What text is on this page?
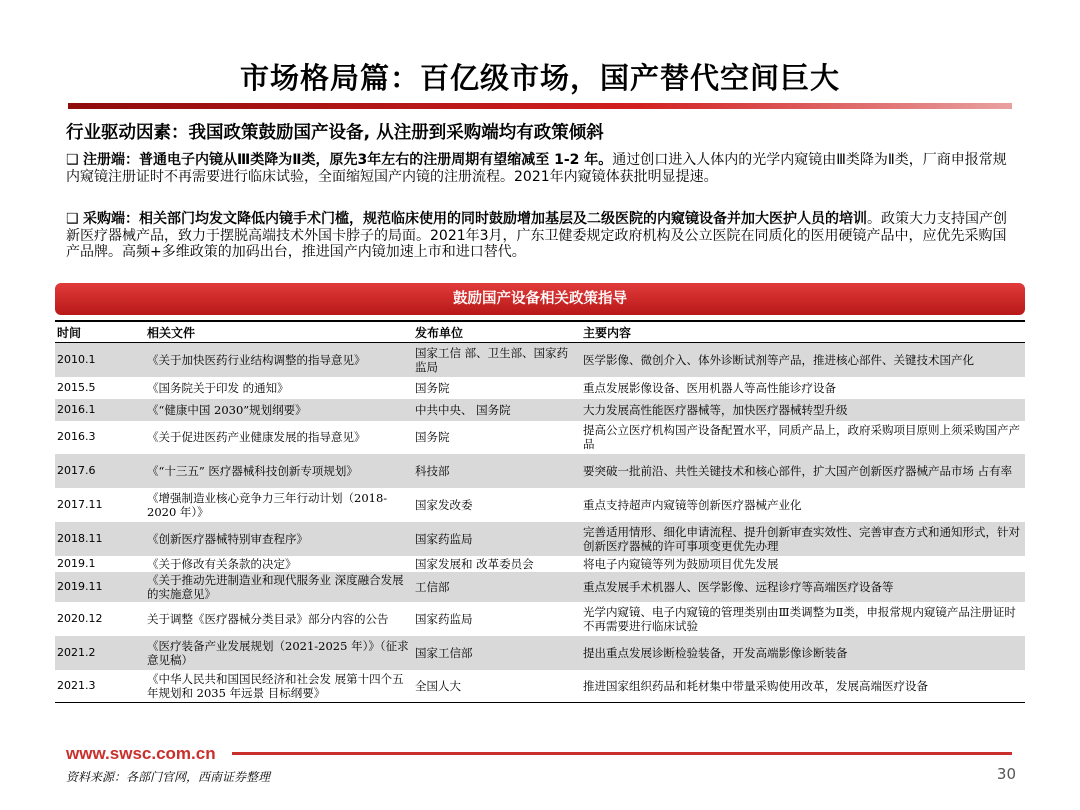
市场格局篇：百亿级市场，国产替代空间巨大
行业驱动因素：我国政策鼓励国产设备, 从注册到采购端均有政策倾斜
❑ 注册端：普通电子内镜从Ⅲ类降为Ⅱ类，原先3年左右的注册周期有望缩减至 1-2 年。通过创口进入人体内的光学内窥镜由Ⅲ类降为Ⅱ类，厂商申报常规内窥镜注册证时不再需要进行临床试验，全面缩短国产内镜的注册流程。2021年内窥镜体获批明显提速。
❑ 采购端：相关部门均发文降低内镜手术门槛，规范临床使用的同时鼓励增加基层及二级医院的内窥镜设备并加大医护人员的培训。政策大力支持国产创新医疗器械产品，致力于摆脱高端技术外国卡脖子的局面。2021年3月，广东卫健委规定政府机构及公立医院在同质化的医用硬镜产品中，应优先采购国产品牌。高频+多维政策的加码出台，推进国产内镜加速上市和进口替代。
鼓励国产设备相关政策指导
时间	相关文件	发布单位	主要内容
2010.1	《关于加快医药行业结构调整的指导意见》	国家工信 部、卫生部、国家药监局	医学影像、微创介入、体外诊断试剂等产品，推进核心部件、关键技术国产化
2015.5	《国务院关于印发 的通知》	国务院	重点发展影像设备、医用机器人等高性能诊疗设备
2016.1	《“健康中国 2030”规划纲要》	中共中央、 国务院	大力发展高性能医疗器械等，加快医疗器械转型升级
2016.3	《关于促进医药产业健康发展的指导意见》	国务院	提高公立医疗机构国产设备配置水平，同质产品上，政府采购项目原则上须采购国产产品
2017.6	《“十三五” 医疗器械科技创新专项规划》	科技部	要突破一批前沿、共性关键技术和核心部件，扩大国产创新医疗器械产品市场 占有率
2017.11	《增强制造业核心竞争力三年行动计划（2018-2020 年）》	国家发改委	重点支持超声内窥镜等创新医疗器械产业化
2018.11	《创新医疗器械特别审查程序》	国家药监局	完善适用情形、细化申请流程、提升创新审查实效性、完善审查方式和通知形式，针对创新医疗器械的许可事项变更优先办理
2019.1	《关于修改有关条款的决定》	国家发展和 改革委员会	将电子内窥镜等列为鼓励项目优先发展
2019.11	《关于推动先进制造业和现代服务业 深度融合发展的实施意见》	工信部	重点发展手术机器人、医学影像、远程诊疗等高端医疗设备等
2020.12	关于调整《医疗器械分类目录》部分内容的公告	国家药监局	光学内窥镜、电子内窥镜的管理类别由Ⅲ类调整为Ⅱ类，申报常规内窥镜产品注册证时不再需要进行临床试验
2021.2	《医疗装备产业发展规划（2021-2025 年）》（征求意见稿）	国家工信部	提出重点发展诊断检验装备，开发高端影像诊断装备
2021.3	《中华人民共和国国民经济和社会发 展第十四个五年规划和 2035 年远景 目标纲要》	全国人大	推进国家组织药品和耗材集中带量采购使用改革，发展高端医疗设备
www.swsc.com.cn
资料来源：各部门官网，西南证券整理	30
